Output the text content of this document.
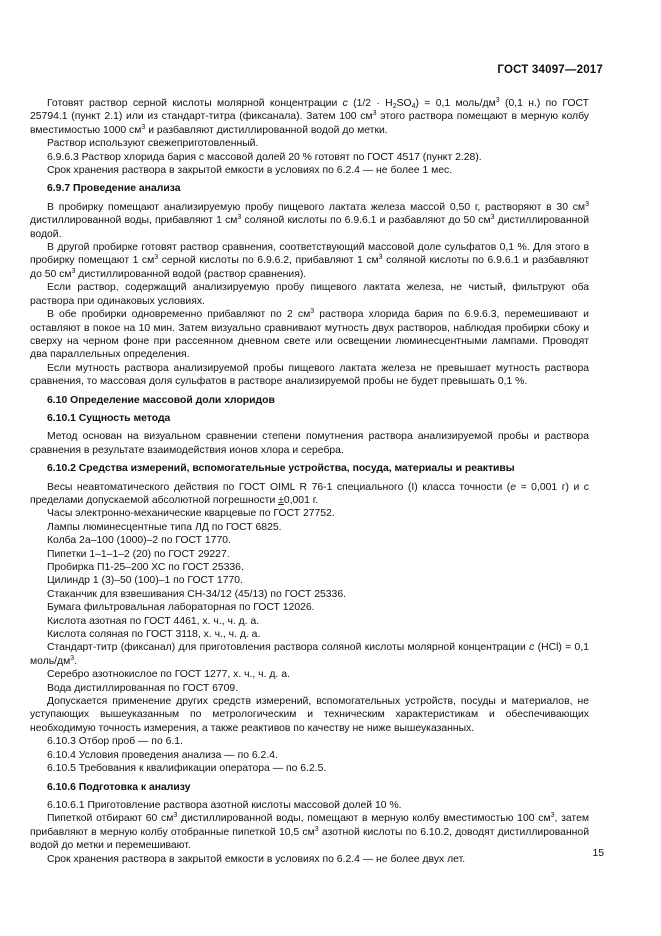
ГОСТ 34097—2017

Готовят раствор серной кислоты молярной концентрации c $(1/2 \cdot H_2SO_4) = 0,1$ моль/$дм^3$ (0,1 н.) по ГОСТ 25794.1 (пункт 2.1) или из стандарт-титра (фиксанала). Затем 100 $см^3$ этого раствора помещают в мерную колбу вместимостью 1000 $см^3$ и разбавляют дистиллированной водой до метки.

Раствор используют свежеприготовленный.

6.9.6.3 Раствор хлорида бария с массовой долей 20 % готовят по ГОСТ 4517 (пункт 2.28).

Срок хранения раствора в закрытой емкости в условиях по 6.2.4 — не более 1 мес.

6.9.7 Проведение анализа

В пробирку помещают анализируемую пробу пищевого лактата железа массой 0,50 г, растворяют в 30 $см^3$ дистиллированной воды, прибавляют 1 $см^3$ соляной кислоты по 6.9.6.1 и разбавляют до 50 $см^3$ дистиллированной водой.

В другой пробирке готовят раствор сравнения, соответствующий массовой доле сульфатов 0,1 %. Для этого в пробирку помещают 1 $см^3$ серной кислоты по 6.9.6.2, прибавляют 1 $см^3$ соляной кислоты по 6.9.6.1 и разбавляют до 50 $см^3$ дистиллированной водой (раствор сравнения).

Если раствор, содержащий анализируемую пробу пищевого лактата железа, не чистый, фильтруют оба раствора при одинаковых условиях.

В обе пробирки одновременно прибавляют по 2 $см^3$ раствора хлорида бария по 6.9.6.3, перемешивают и оставляют в покое на 10 мин. Затем визуально сравнивают мутность двух растворов, наблюдая пробирки сбоку и сверху на черном фоне при рассеянном дневном свете или освещении люминесцентными лампами. Проводят два параллельных определения.

Если мутность раствора анализируемой пробы пищевого лактата железа не превышает мутность раствора сравнения, то массовая доля сульфатов в растворе анализируемой пробы не будет превышать 0,1 %.

6.10 Определение массовой доли хлоридов

6.10.1 Сущность метода

Метод основан на визуальном сравнении степени помутнения раствора анализируемой пробы и раствора сравнения в результате взаимодействия ионов хлора и серебра.

6.10.2 Средства измерений, вспомогательные устройства, посуда, материалы и реактивы

Весы неавтоматического действия по ГОСТ OIML R 76-1 специального (I) класса точности (e = 0,001 г) и с пределами допускаемой абсолютной погрешности ±0,001 г.

Часы электронно-механические кварцевые по ГОСТ 27752.

Лампы люминесцентные типа ЛД по ГОСТ 6825.

Колба 2а–100 (1000)–2 по ГОСТ 1770.

Пипетки 1–1–1–2 (20) по ГОСТ 29227.

Пробирка П1-25–200 ХС по ГОСТ 25336.

Цилиндр 1 (3)–50 (100)–1 по ГОСТ 1770.

Стаканчик для взвешивания СН-34/12 (45/13) по ГОСТ 25336.

Бумага фильтровальная лабораторная по ГОСТ 12026.

Кислота азотная по ГОСТ 4461, х. ч., ч. д. а.

Кислота соляная по ГОСТ 3118, х. ч., ч. д. а.

Стандарт-титр (фиксанал) для приготовления раствора соляной кислоты молярной концентрации c (HCl) = 0,1 моль/$дм^3$.

Серебро азотнокислое по ГОСТ 1277, х. ч., ч. д. а.

Вода дистиллированная по ГОСТ 6709.

Допускается применение других средств измерений, вспомогательных устройств, посуды и материалов, не уступающих вышеуказанным по метрологическим и техническим характеристикам и обеспечивающих необходимую точность измерения, а также реактивов по качеству не ниже вышеуказанных.

6.10.3 Отбор проб — по 6.1.

6.10.4 Условия проведения анализа — по 6.2.4.

6.10.5 Требования к квалификации оператора — по 6.2.5.

6.10.6 Подготовка к анализу

6.10.6.1 Приготовление раствора азотной кислоты массовой долей 10 %.

Пипеткой отбирают 60 $см^3$ дистиллированной воды, помещают в мерную колбу вместимостью 100 $см^3$, затем прибавляют в мерную колбу отобранные пипеткой 10,5 $см^3$ азотной кислоты по 6.10.2, доводят дистиллированной водой до метки и перемешивают.

Срок хранения раствора в закрытой емкости в условиях по 6.2.4 — не более двух лет.

15
